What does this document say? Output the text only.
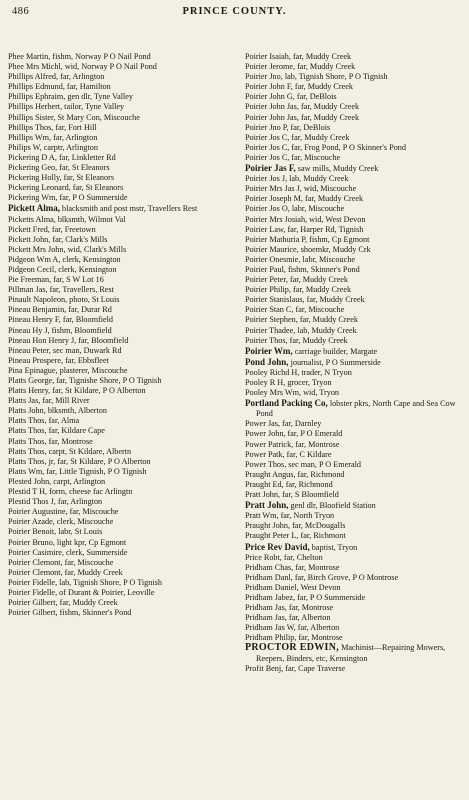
486	PRINCE COUNTY.
Phee Martin, fishm, Norway P O Nail Pond
Phee Mrs Michl, wid, Norway P O Nail Pond
Phillips Alfred, far, Arlington
Phillips Edmund, far, Hamilton
Phillips Ephraim, gen dlr, Tyne Valley
Phillips Herbert, tailor, Tyne Valley
Phillips Sister, St Mary Con, Miscouche
Phillips Thos, far, Fort Hill
Phillips Wm, far, Arlington
Philips W, carptr, Arlington
Pickering D A, far, Linkletter Rd
Pickering Geo, far, St Eleanors
Pickering Holly, far, St Eleanors
Pickering Leonard, far, St Eleanors
Pickering Wm, far, P O Summerside
Pickett Alma, blacksmith and post mstr, Travellers Rest
Picketts Alma, blksmth, Wilmot Val
Pickett Fred, far, Freetown
Pickett John, far, Clark's Mills
Pickett Mrs John, wid, Clark's Mills
Pidgeon Wm A, clerk, Kensington
Pidgeon Cecil, clerk, Kensington
Pie Freeman, far, S W Lot 16
Pillman Jas, far, Travellers, Rest
Pinault Napoleon, photo, St Louis
Pineau Benjamin, far, Durar Rd
Pineau Henry F, far, Bloomfield
Pineau Hy J, fishm, Bloomfield
Pineau Hon Henry J, far, Bloomfield
Pineau Peter, sec man, Duwark Rd
Pineau Prospere, far, Ebbsfleet
Pina Epinague, plasterer, Miscouche
Platts George, far, Tignishe Shore, P O Tignish
Platts Henry, far, St Kildare, P O Alberton
Platts Jas, far, Mill River
Platts John, blksmth, Alberton
Platts Thos, far, Alma
Platts Thos, far, Kildare Cape
Platts Thos, far, Montrose
Platts Thos, carpt, St Kildare, Albertn
Platts Thos, jr, far, St Kildare, P O Alberton
Platts Wm, far, Little Tignish, P O Tignish
Plested John, carpt, Arlington
Plestid T H, form, cheese fac Arlingtn
Plestid Thos J, far, Arlington
Poirier Augustine, far, Miscouche
Poirier Azade, clerk, Miscouche
Poirier Benoit, labr, St Louis
Poirier Bruno, light kpr, Cp Egmont
Poirier Casimire, clerk, Summerside
Poirier Clemont, far, Miscouche
Poirier Clemont, far, Muddy Creek
Poirier Fidelle, lab, Tignish Shore, P O Tignish
Poirier Fidelle, of Durant & Poirier, Leoville
Poirier Gilbert, far, Muddy Creek
Poirier Gilbert, fishm, Skinner's Pond
Poirier Isaiah, far, Muddy Creek
Poirier Jerome, far, Muddy Creek
Poirier Jno, lab, Tignish Shore, P O Tignish
Poirier John F, far, Muddy Creek
Poirier John G, far, DeBlois
Poirier John Jas, far, Muddy Creek
Poirier John Jas, far, Muddy Creek
Poirier Jno P, far, DeBlois
Poirier Jos C, far, Muddy Creek
Poirier Jos C, far, Frog Pond, P O Skinner's Pond
Poirier Jos C, far, Miscouche
Poirier Jas F, saw mills, Muddy Creek
Poirier Jos J, lab, Muddy Creek
Poirier Mrs Jas J, wid, Miscouche
Poirier Joseph M, far, Muddy Creek
Poirier Jos O, labr, Miscouche
Poirier Mrs Josiah, wid, West Devon
Poirier Law, far, Harper Rd, Tignish
Poirier Mathuria P, fishm, Cp Egmont
Poirier Maurice, shoemkr, Muddy Crk
Poirier Onesmie, labr, Miscouche
Poirier Paul, fishm, Skinner's Pond
Poirier Peter, far, Muddy Creek
Poirier Philip, far, Muddy Creek
Poirier Stanislaus, far, Muddy Creek
Poirier Stan C, far, Miscouche
Poirier Stephen, far, Muddy Creek
Poirier Thadee, lab, Muddy Creek
Poirier Thos, far, Muddy Creek
Poirier Wm, carriage builder, Margate
Pond John, journalist, P O Summerside
Pooley Richd H, trader, N Tryon
Pooley R H, grocer, Tryon
Pooley Mrs Wm, wid, Tryon
Portland Packing Co, lobster pkrs, North Cape and Sea Cow Pond
Power Jas, far, Darnley
Power John, far, P O Emerald
Power Patrick, far, Montrose
Power Patk, far, C Kildare
Power Thos, sec man, P O Emerald
Praught Angus, far, Richmond
Praught Ed, far, Richmond
Pratt John, far, S Bloomfield
Pratt John, genl dlr, Bloofield Station
Pratt Wm, far, North Tryon
Praught John, far, McDougalls
Praught Peter L, far, Richmont
Price Rev David, baptist, Tryon
Price Robt, far, Chelton
Pridham Chas, far, Montrose
Pridham Danl, far, Birch Grove, P O Montrose
Pridham Daniel, West Devon
Pridham Jabez, far, P O Summerside
Pridham Jas, far, Montrose
Pridham Jas, far, Alberton
Pridham Jas W, far, Alberton
Pridham Philip, far, Montrose
PROCTOR EDWIN, Machinist—Repairing Mowers, Reepers, Binders, etc, Kensington
Profit Benj, far, Cape Traverse
